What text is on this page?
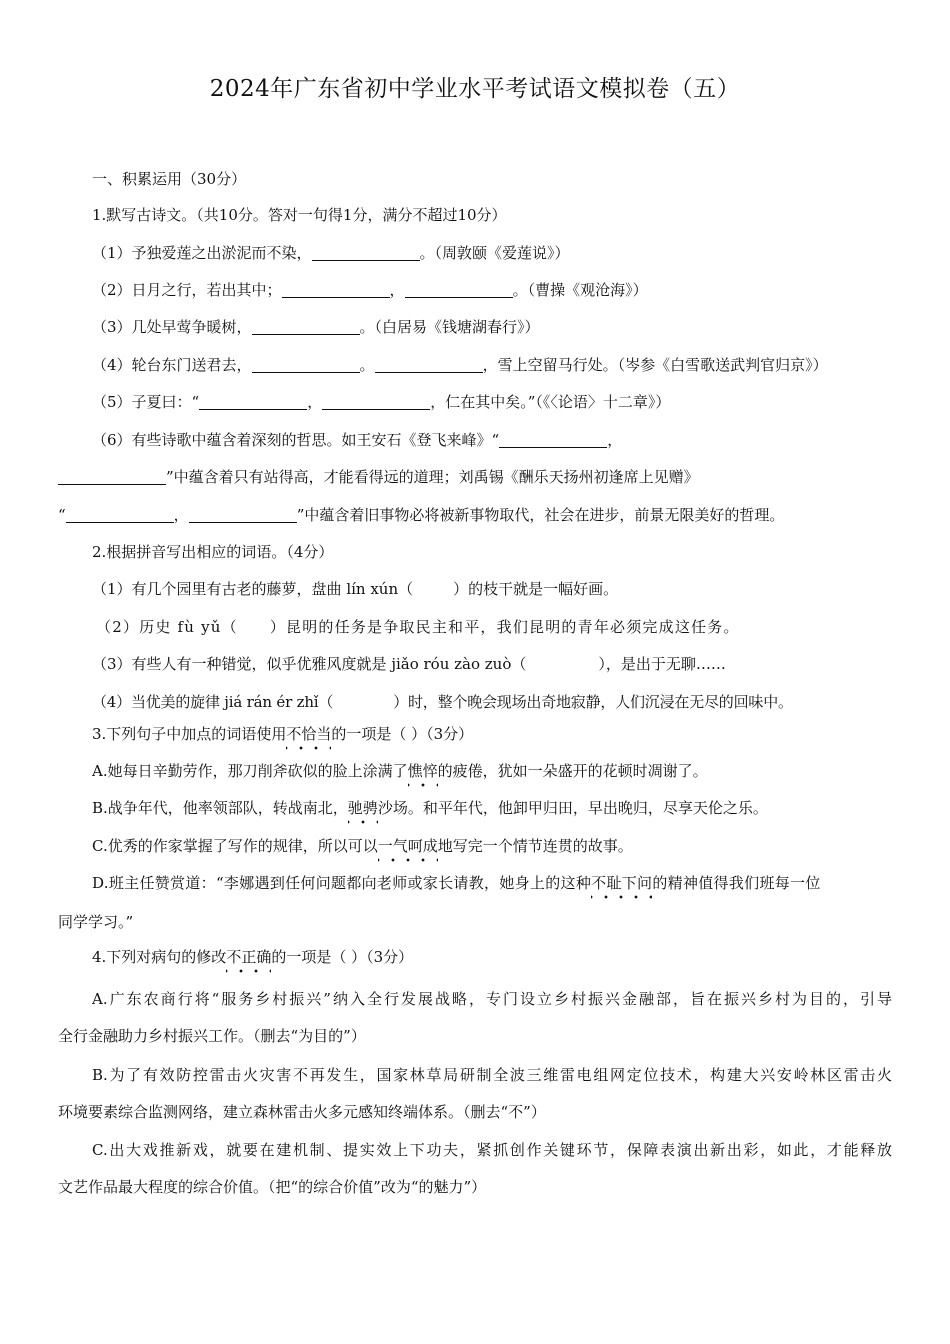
2024年广东省初中学业水平考试语文模拟卷（五）
一、积累运用（30分）
1.默写古诗文。（共10分。答对一句得1分，满分不超过10分）
（1）予独爱莲之出淤泥而不染，	。（周敦颐《爱莲说》）
（2）日月之行，若出其中；	，	。（曹操《观沧海》）
（3）几处早莺争暖树，	。（白居易《钱塘湖春行》）
（4）轮台东门送君去，	。	，雪上空留马行处。（岑参《白雪歌送武判官归京》）
（5）子夏曰：“	，	，仁在其中矣。”（《〈论语〉十二章》）
（6）有些诗歌中蕴含着深刻的哲思。如王安石《登飞来峰》“	，
”中蕴含着只有站得高，才能看得远的道理；刘禹锡《酬乐天扬州初逢席上见赠》
“	，	”中蕴含着旧事物必将被新事物取代，社会在进步，前景无限美好的哲理。
2.根据拼音写出相应的词语。（4分）
（1）有几个园里有古老的藤萝，盘曲 lín xún（	）的枝干就是一幅好画。
（2）历史 fù yǔ（ ）昆明的任务是争取民主和平，我们昆明的青年必须完成这任务。
（3）有些人有一种错觉，似乎优雅风度就是 jiǎo róu zào zuò（	），是出于无聊……
（4）当优美的旋律 jiá rán ér zhǐ（	）时，整个晚会现场出奇地寂静，人们沉浸在无尽的回味中。
3.下列句子中加点的词语使用不恰当的一项是（ ）（3分）
A.她每日辛勤劳作，那刀削斧砍似的脸上涂满了憔悴的疲倦，犹如一朵盛开的花顿时凋谢了。
B.战争年代，他率领部队，转战南北，驰骋沙场。和平年代，他卸甲归田，早出晚归，尽享天伦之乐。
C.优秀的作家掌握了写作的规律，所以可以一气呵成地写完一个情节连贯的故事。
D.班主任赞赏道：“李娜遇到任何问题都向老师或家长请教，她身上的这种不耻下问的精神值得我们班每一位
同学学习。”
4.下列对病句的修改不正确的一项是（ ）（3分）
A.广东农商行将“服务乡村振兴”纳入全行发展战略，专门设立乡村振兴金融部，旨在振兴乡村为目的，引导
全行金融助力乡村振兴工作。（删去“为目的”）
B.为了有效防控雷击火灾害不再发生，国家林草局研制全波三维雷电组网定位技术，构建大兴安岭林区雷击火
环境要素综合监测网络，建立森林雷击火多元感知终端体系。（删去“不”）
C.出大戏推新戏，就要在建机制、提实效上下功夫，紧抓创作关键环节，保障表演出新出彩，如此，才能释放
文艺作品最大程度的综合价值。（把“的综合价值”改为“的魅力”）
